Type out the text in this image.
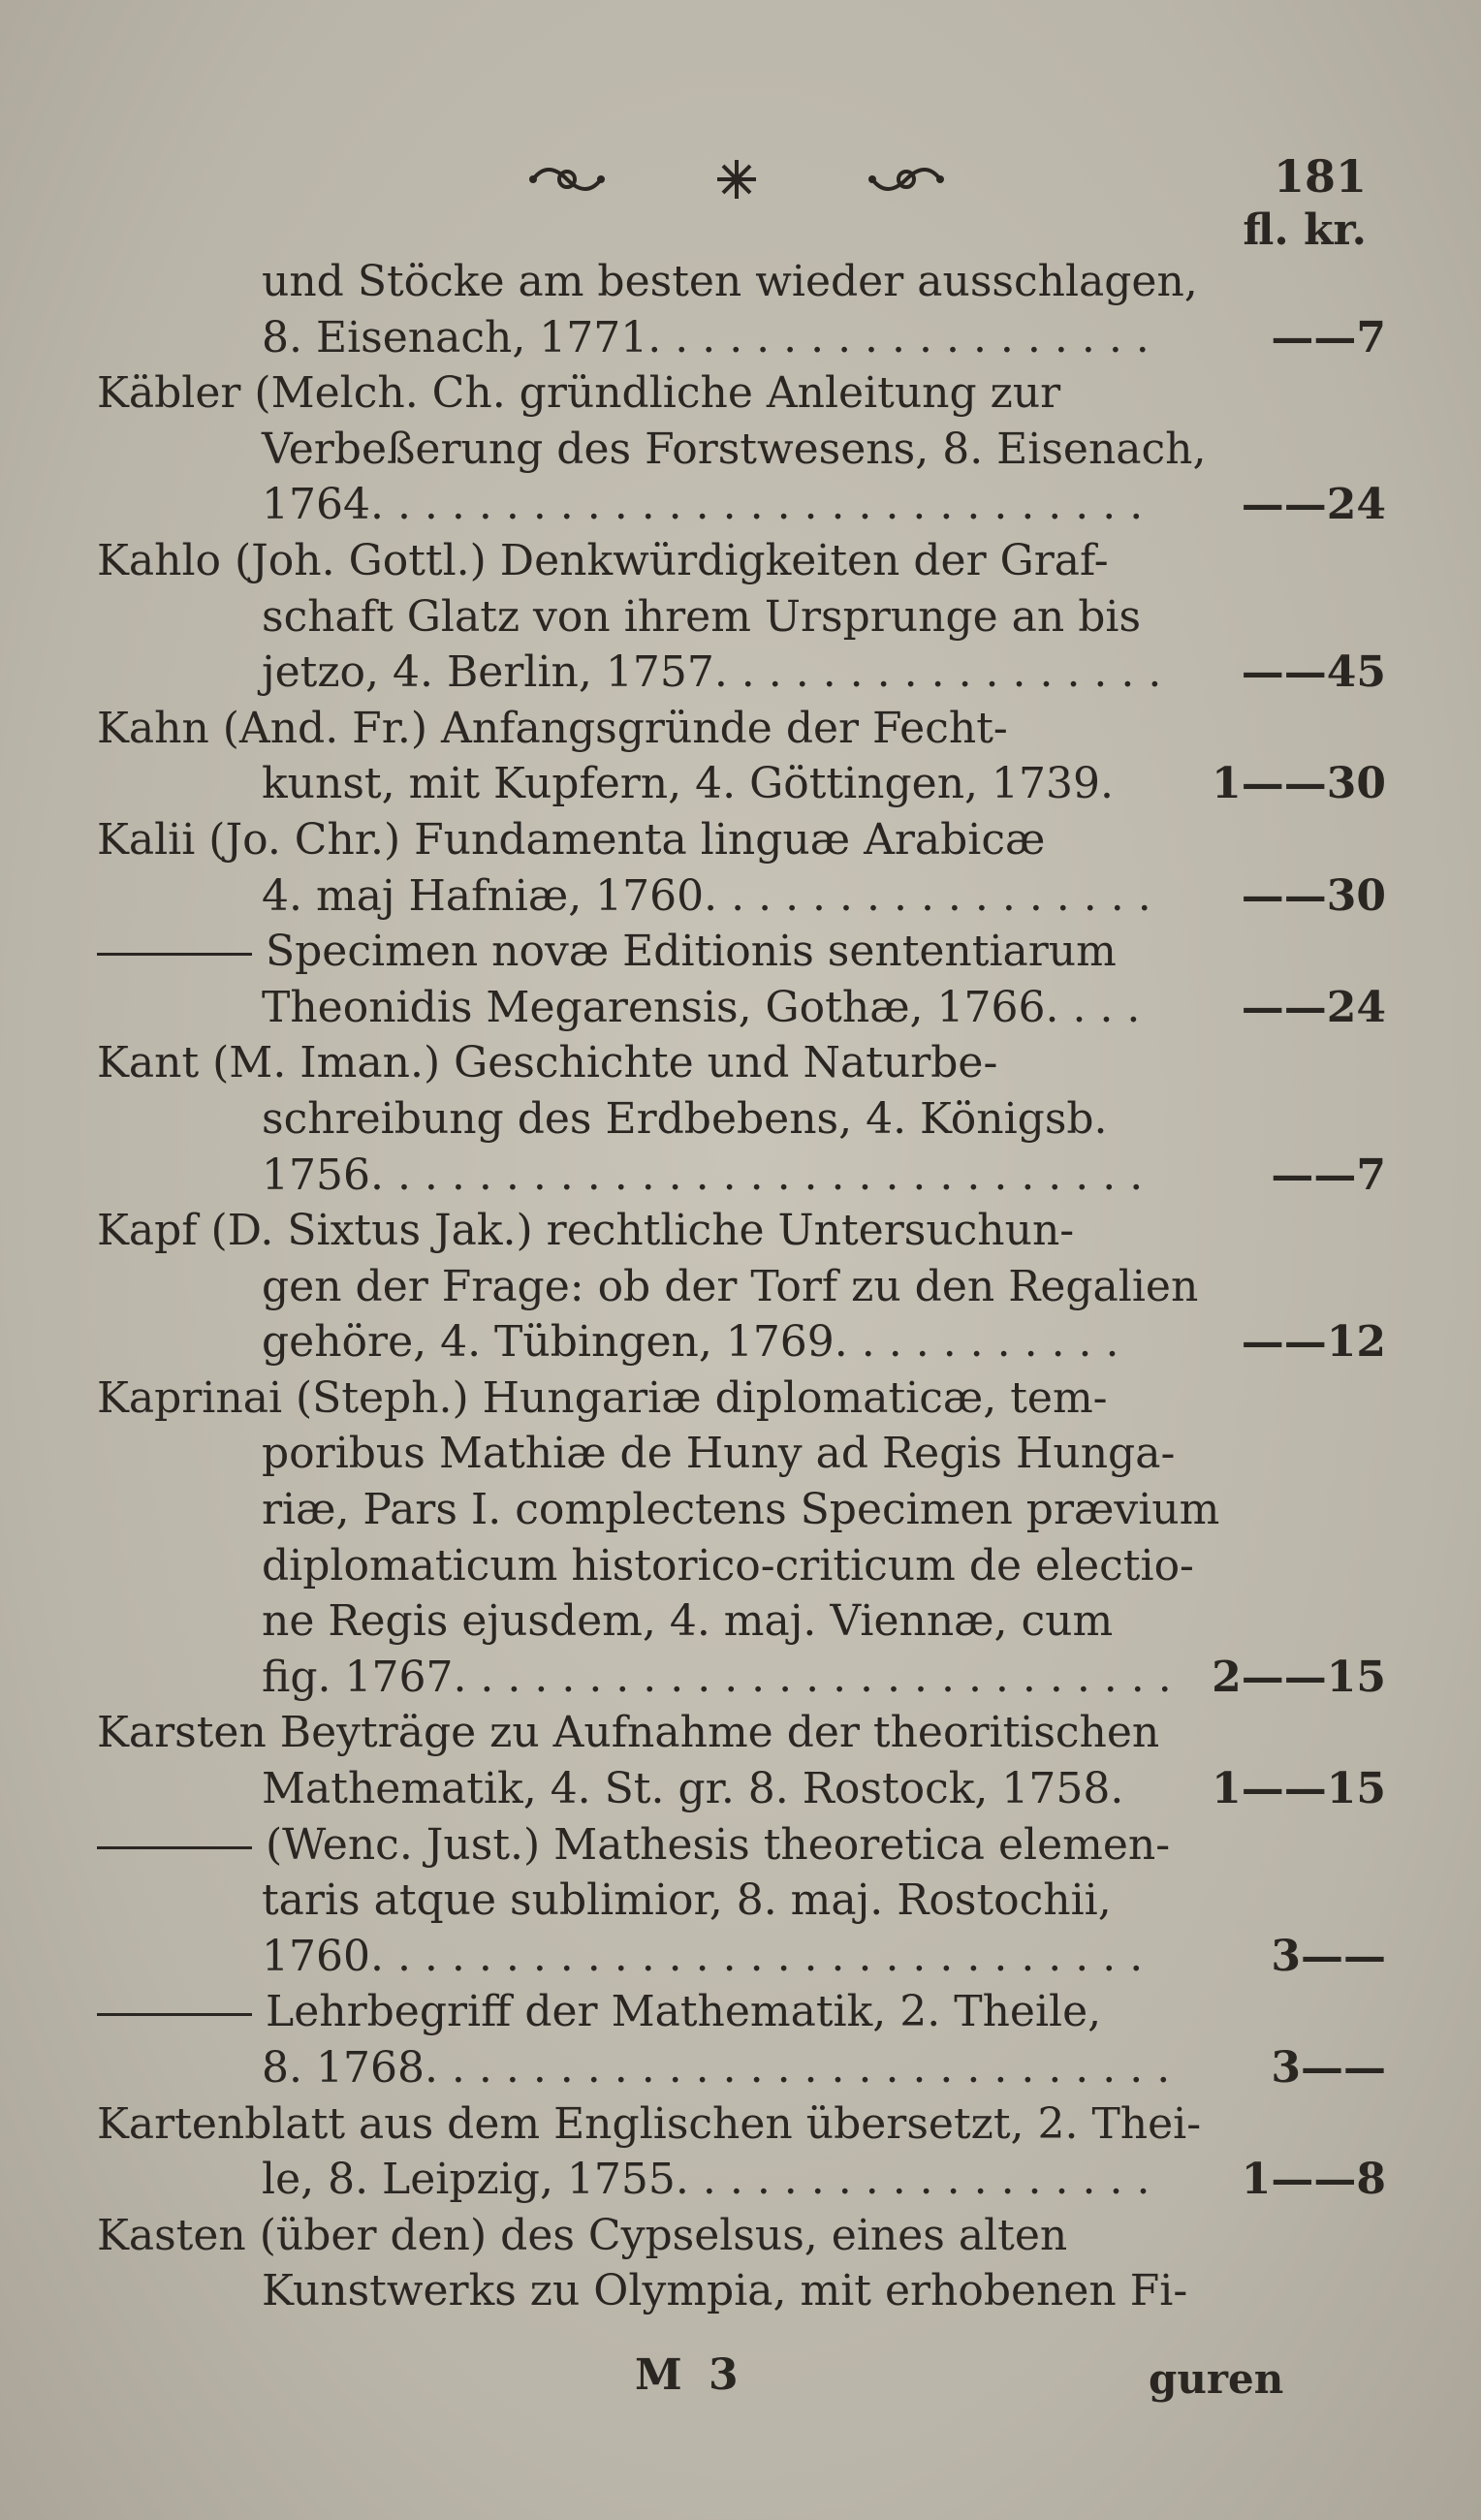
181
fl. kr.
und Stöcke am besten wieder ausschlagen,
8. Eisenach, 1771. . . . . . . . . . . . . . . . . . .	——7
Käbler (Melch. Ch. gründliche Anleitung zur
Verbeßerung des Forstwesens, 8. Eisenach,
1764. . . . . . . . . . . . . . . . . . . . . . . . . . . . .	——24
Kahlo (Joh. Gottl.) Denkwürdigkeiten der Graf-
schaft Glatz von ihrem Ursprunge an bis
jetzo, 4. Berlin, 1757. . . . . . . . . . . . . . . . .	——45
Kahn (And. Fr.) Anfangsgründe der Fecht-
kunst, mit Kupfern, 4. Göttingen, 1739.	1——30
Kalii (Jo. Chr.) Fundamenta linguæ Arabicæ
4. maj Hafniæ, 1760. . . . . . . . . . . . . . . . .	——30
Specimen novæ Editionis sententiarum
Theonidis Megarensis, Gothæ, 1766. . . .	——24
Kant (M. Iman.) Geschichte und Naturbe-
schreibung des Erdbebens, 4. Königsb.
1756. . . . . . . . . . . . . . . . . . . . . . . . . . . . .	——7
Kapf (D. Sixtus Jak.) rechtliche Untersuchun-
gen der Frage: ob der Torf zu den Regalien
gehöre, 4. Tübingen, 1769. . . . . . . . . . .	——12
Kaprinai (Steph.) Hungariæ diplomaticæ, tem-
poribus Mathiæ de Huny ad Regis Hunga-
riæ, Pars I. complectens Specimen prævium
diplomaticum historico-criticum de electio-
ne Regis ejusdem, 4. maj. Viennæ, cum
fig. 1767. . . . . . . . . . . . . . . . . . . . . . . . . . . 2——15
Karsten Beyträge zu Aufnahme der theoritischen
Mathematik, 4. St. gr. 8. Rostock, 1758.	1——15
(Wenc. Just.) Mathesis theoretica elemen-
taris atque sublimior, 8. maj. Rostochii,
1760. . . . . . . . . . . . . . . . . . . . . . . . . . . . .	3——
Lehrbegriff der Mathematik, 2. Theile,
8. 1768. . . . . . . . . . . . . . . . . . . . . . . . . . . .	3——
Kartenblatt aus dem Englischen übersetzt, 2. Thei-
le, 8. Leipzig, 1755. . . . . . . . . . . . . . . . . .	1——8
Kasten (über den) des Cypselsus, eines alten
Kunstwerks zu Olympia, mit erhobenen Fi-
M 3	guren
